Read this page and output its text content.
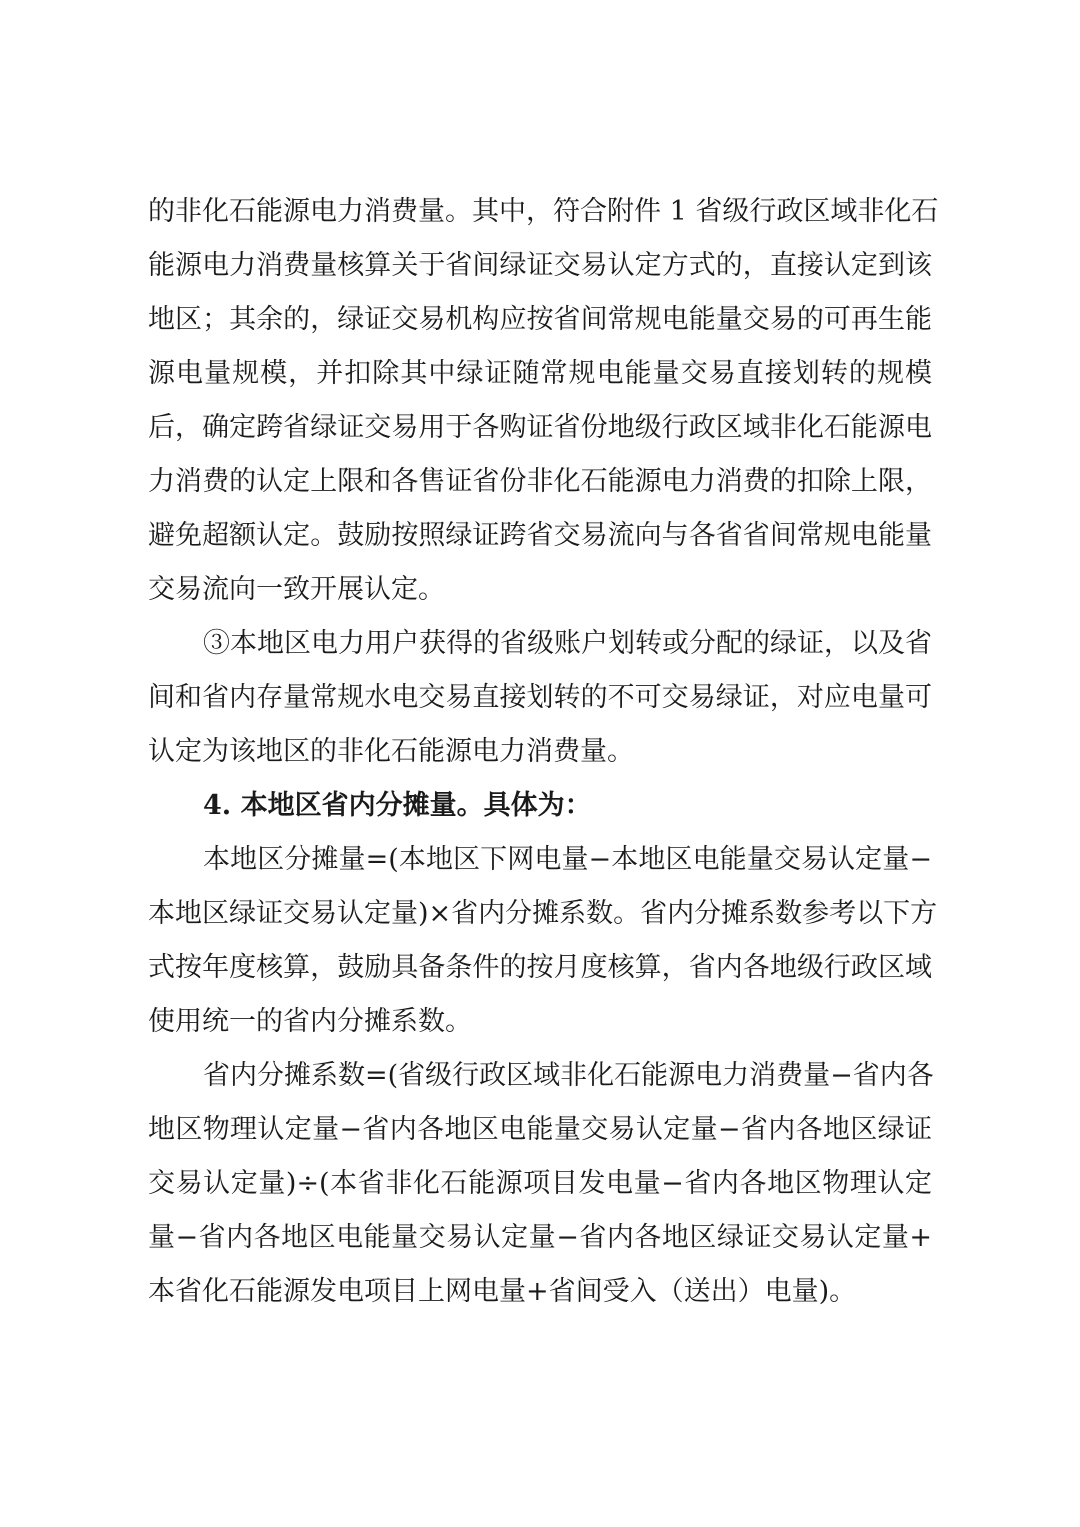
的非化石能源电力消费量。其中，符合附件 1 省级行政区域非化石
能源电力消费量核算关于省间绿证交易认定方式的，直接认定到该
地区；其余的，绿证交易机构应按省间常规电能量交易的可再生能
源电量规模，并扣除其中绿证随常规电能量交易直接划转的规模
后，确定跨省绿证交易用于各购证省份地级行政区域非化石能源电
力消费的认定上限和各售证省份非化石能源电力消费的扣除上限，
避免超额认定。鼓励按照绿证跨省交易流向与各省省间常规电能量
交易流向一致开展认定。
③本地区电力用户获得的省级账户划转或分配的绿证，以及省
间和省内存量常规水电交易直接划转的不可交易绿证，对应电量可
认定为该地区的非化石能源电力消费量。
4. 本地区省内分摊量。具体为：
本地区分摊量=(本地区下网电量−本地区电能量交易认定量−
本地区绿证交易认定量)×省内分摊系数。省内分摊系数参考以下方
式按年度核算，鼓励具备条件的按月度核算，省内各地级行政区域
使用统一的省内分摊系数。
省内分摊系数=(省级行政区域非化石能源电力消费量−省内各
地区物理认定量−省内各地区电能量交易认定量−省内各地区绿证
交易认定量)÷(本省非化石能源项目发电量−省内各地区物理认定
量−省内各地区电能量交易认定量−省内各地区绿证交易认定量+
本省化石能源发电项目上网电量+省间受入（送出）电量)。
